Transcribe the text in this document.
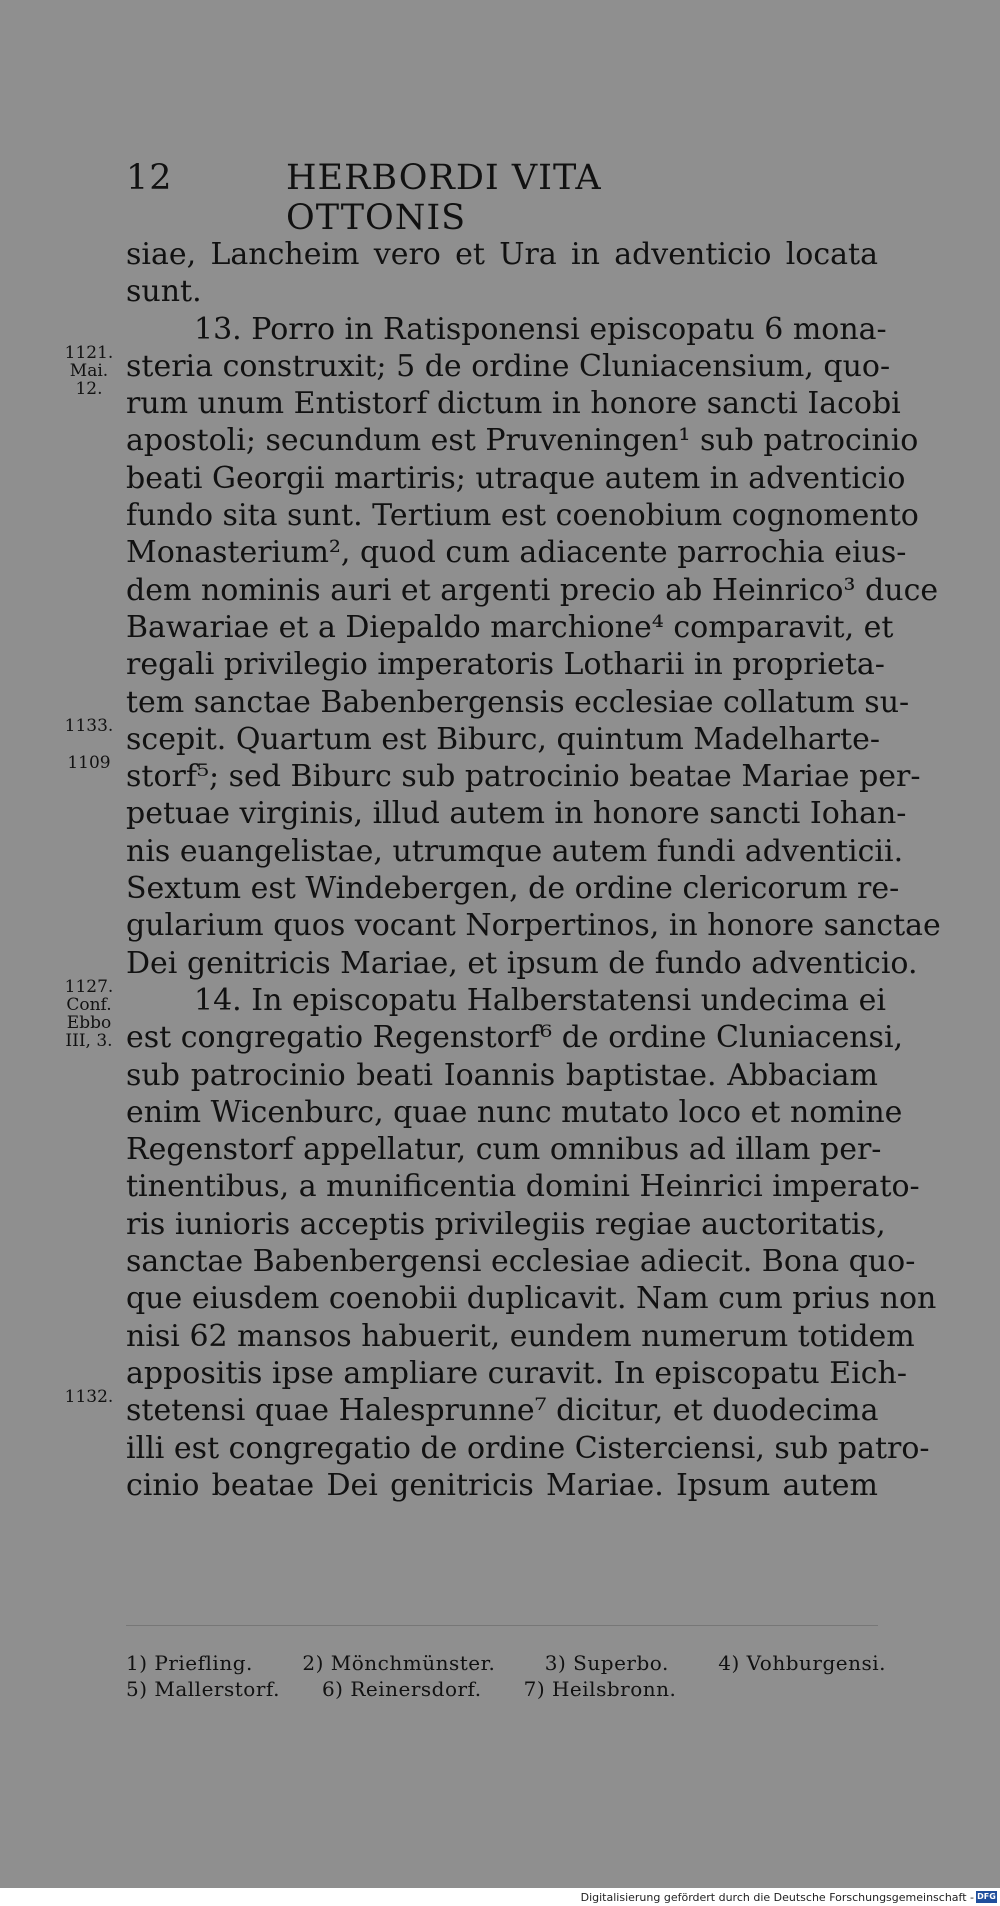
12	HERBORDI VITA OTTONIS
siae, Lancheim vero et Ura in adventicio locata
sunt.
13. Porro in Ratisponensi episcopatu 6 mona-
steria construxit; 5 de ordine Cluniacensium, quo-
rum unum Entistorf dictum in honore sancti Iacobi
apostoli; secundum est Pruveningen¹ sub patrocinio
beati Georgii martiris; utraque autem in adventicio
fundo sita sunt. Tertium est coenobium cognomento
Monasterium², quod cum adiacente parrochia eius-
dem nominis auri et argenti precio ab Heinrico³ duce
Bawariae et a Diepaldo marchione⁴ comparavit, et
regali privilegio imperatoris Lotharii in proprieta-
tem sanctae Babenbergensis ecclesiae collatum su-
scepit. Quartum est Biburc, quintum Madelharte-
storf⁵; sed Biburc sub patrocinio beatae Mariae per-
petuae virginis, illud autem in honore sancti Iohan-
nis euangelistae, utrumque autem fundi adventicii.
Sextum est Windebergen, de ordine clericorum re-
gularium quos vocant Norpertinos, in honore sanctae
Dei genitricis Mariae, et ipsum de fundo adventicio.
14. In episcopatu Halberstatensi undecima ei
est congregatio Regenstorf⁶ de ordine Cluniacensi,
sub patrocinio beati Ioannis baptistae. Abbaciam
enim Wicenburc, quae nunc mutato loco et nomine
Regenstorf appellatur, cum omnibus ad illam per-
tinentibus, a munificentia domini Heinrici imperato-
ris iunioris acceptis privilegiis regiae auctoritatis,
sanctae Babenbergensi ecclesiae adiecit. Bona quo-
que eiusdem coenobii duplicavit. Nam cum prius non
nisi 62 mansos habuerit, eundem numerum totidem
appositis ipse ampliare curavit. In episcopatu Eich-
stetensi quae Halesprunne⁷ dicitur, et duodecima
illi est congregatio de ordine Cisterciensi, sub patro-
cinio beatae Dei genitricis Mariae. Ipsum autem
1121.
Mai.
12.
1133.
1109
1127.
Conf.
Ebbo
III, 3.
1132.
1) Priefling. 2) Mönchmünster. 3) Superbo. 4) Vohburgensi.
5) Mallerstorf. 6) Reinersdorf. 7) Heilsbronn.
Digitalisierung gefördert durch die Deutsche Forschungsgemeinschaft - DFG
